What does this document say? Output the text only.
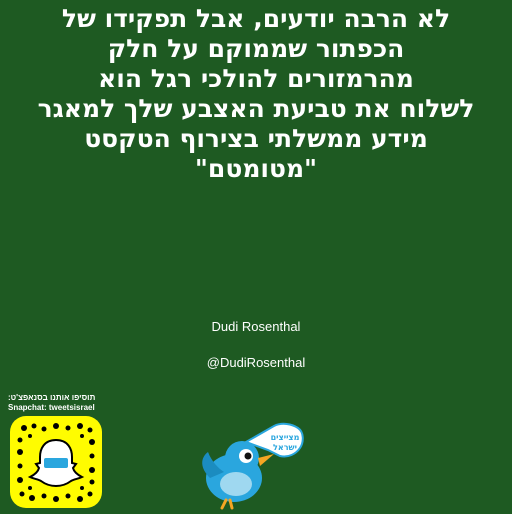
לא הרבה יודעים, אבל תפקידו של
הכפתור שממוקם על חלק
מהרמזורים להולכי רגל הוא
לשלוח את טביעת האצבע שלך למאגר
מידע ממשלתי בצירוף הטקסט
"מטומטם"
Dudi Rosenthal
@DudiRosenthal
תוסיפו אותנו בסנאפצ'ט:
Snapchat: tweetsisrael
מצייצים
ישראל
